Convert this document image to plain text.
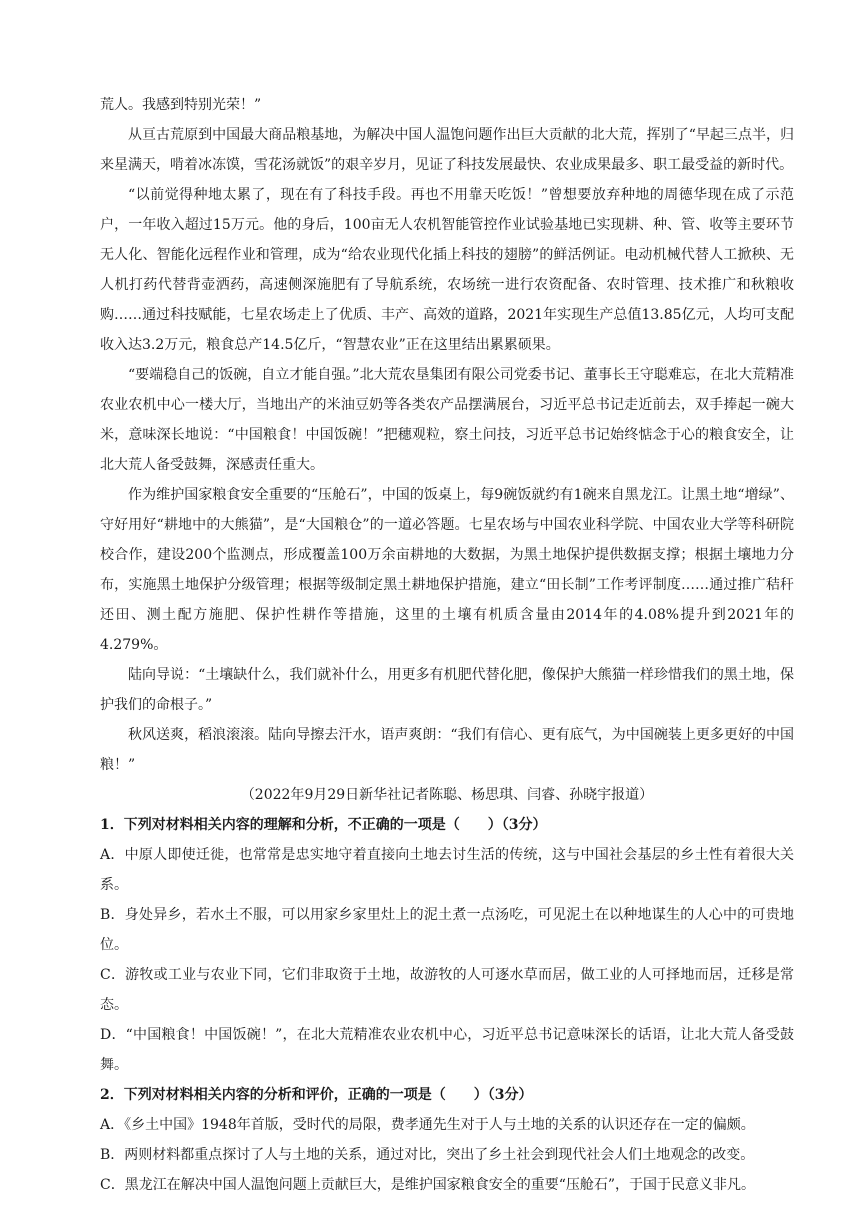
荒人。我感到特别光荣！”

从亘古荒原到中国最大商品粮基地，为解决中国人温饱问题作出巨大贡献的北大荒，挥别了“早起三点半，归来星满天，啃着冰冻馍，雪花汤就饭”的艰辛岁月，见证了科技发展最快、农业成果最多、职工最受益的新时代。

“以前觉得种地太累了，现在有了科技手段。再也不用靠天吃饭！”曾想要放弃种地的周德华现在成了示范户，一年收入超过15万元。他的身后，100亩无人农机智能管控作业试验基地已实现耕、种、管、收等主要环节无人化、智能化远程作业和管理，成为“给农业现代化插上科技的翅膀”的鲜活例证。电动机械代替人工掀秧、无人机打药代替背壶洒药，高速侧深施肥有了导航系统，农场统一进行农资配备、农时管理、技术推广和秋粮收购……通过科技赋能，七星农场走上了优质、丰产、高效的道路，2021年实现生产总值13.85亿元，人均可支配收入达3.2万元，粮食总产14.5亿斤，“智慧农业”正在这里结出累累硕果。

“要端稳自己的饭碗，自立才能自强。”北大荒农垦集团有限公司党委书记、董事长王守聪难忘，在北大荒精准农业农机中心一楼大厅，当地出产的米油豆奶等各类农产品摆满展台，习近平总书记走近前去，双手捧起一碗大米，意味深长地说：“中国粮食！中国饭碗！”把穗观粒，察土问技，习近平总书记始终惦念于心的粮食安全，让北大荒人备受鼓舞，深感责任重大。

作为维护国家粮食安全重要的“压舱石”，中国的饭桌上，每9碗饭就约有1碗来自黑龙江。让黑土地“增绿”、守好用好“耕地中的大熊猫”，是“大国粮仓”的一道必答题。七星农场与中国农业科学院、中国农业大学等科研院校合作，建设200个监测点，形成覆盖100万余亩耕地的大数据，为黑土地保护提供数据支撑；根据土壤地力分布，实施黑土地保护分级管理；根据等级制定黑土耕地保护措施，建立“田长制”工作考评制度……通过推广秸秆还田、测土配方施肥、保护性耕作等措施，这里的土壤有机质含量由2014年的4.08%提升到2021年的4.279%。

陆向导说：“土壤缺什么，我们就补什么，用更多有机肥代替化肥，像保护大熊猫一样珍惜我们的黑土地，保护我们的命根子。”

秋风送爽，稻浪滚滚。陆向导擦去汗水，语声爽朗：“我们有信心、更有底气，为中国碗装上更多更好的中国粮！”

（2022年9月29日新华社记者陈聪、杨思琪、闫睿、孙晓宇报道）

1．下列对材料相关内容的理解和分析，不正确的一项是（　　）（3分）

A．中原人即使迁徙，也常常是忠实地守着直接向土地去讨生活的传统，这与中国社会基层的乡土性有着很大关系。

B．身处异乡，若水土不服，可以用家乡家里灶上的泥土煮一点汤吃，可见泥土在以种地谋生的人心中的可贵地位。

C．游牧或工业与农业下同，它们非取资于土地，故游牧的人可逐水草而居，做工业的人可择地而居，迁移是常态。

D．“中国粮食！中国饭碗！”，在北大荒精准农业农机中心，习近平总书记意味深长的话语，让北大荒人备受鼓舞。

2．下列对材料相关内容的分析和评价，正确的一项是（　　）（3分）

A．《乡土中国》1948年首版，受时代的局限，费孝通先生对于人与土地的关系的认识还存在一定的偏颇。

B．两则材料都重点探讨了人与土地的关系，通过对比，突出了乡土社会到现代社会人们土地观念的改变。

C．黑龙江在解决中国人温饱问题上贡献巨大，是维护国家粮食安全的重要“压舱石”，于国于民意义非凡。
